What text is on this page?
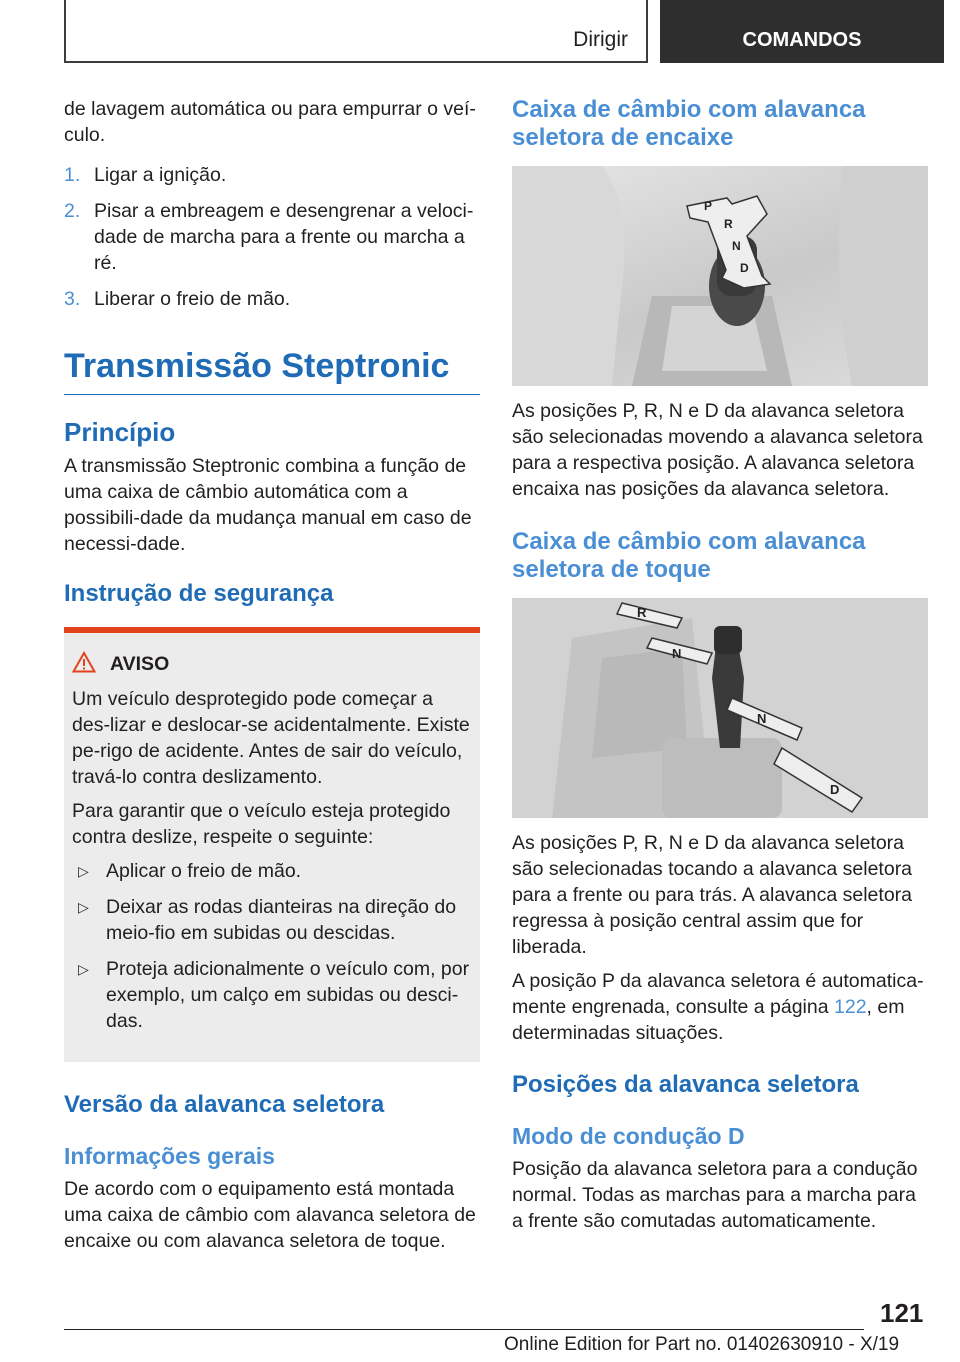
Dirigir	COMANDOS

de lavagem automática ou para empurrar o veí-culo.

1. Ligar a ignição.
2. Pisar a embreagem e desengrenar a veloci-dade de marcha para a frente ou marcha a ré.
3. Liberar o freio de mão.
Transmissão Steptronic
Princípio

A transmissão Steptronic combina a função de uma caixa de câmbio automática com a possibili-dade da mudança manual em caso de necessi-dade.

Instrução de segurança
AVISO

Um veículo desprotegido pode começar a des-lizar e deslocar-se acidentalmente. Existe pe-rigo de acidente. Antes de sair do veículo, travá-lo contra deslizamento.

Para garantir que o veículo esteja protegido contra deslize, respeite o seguinte:

▷ Aplicar o freio de mão.
▷ Deixar as rodas dianteiras na direção do meio-fio em subidas ou descidas.
▷ Proteja adicionalmente o veículo com, por exemplo, um calço em subidas ou desci-das.
Versão da alavanca seletora
Informações gerais

De acordo com o equipamento está montada uma caixa de câmbio com alavanca seletora de encaixe ou com alavanca seletora de toque.

Caixa de câmbio com alavanca seletora de encaixe
P
R
N
D

As posições P, R, N e D da alavanca seletora são selecionadas movendo a alavanca seletora para a respectiva posição. A alavanca seletora encaixa nas posições da alavanca seletora.

Caixa de câmbio com alavanca seletora de toque
R
N
N
D

As posições P, R, N e D da alavanca seletora são selecionadas tocando a alavanca seletora para a frente ou para trás. A alavanca seletora regressa à posição central assim que for liberada.

A posição P da alavanca seletora é automatica-mente engrenada, consulte a página 122, em determinadas situações.

Posições da alavanca seletora
Modo de condução D

Posição da alavanca seletora para a condução normal. Todas as marchas para a marcha para a frente são comutadas automaticamente.

121
Online Edition for Part no. 01402630910 - X/19
